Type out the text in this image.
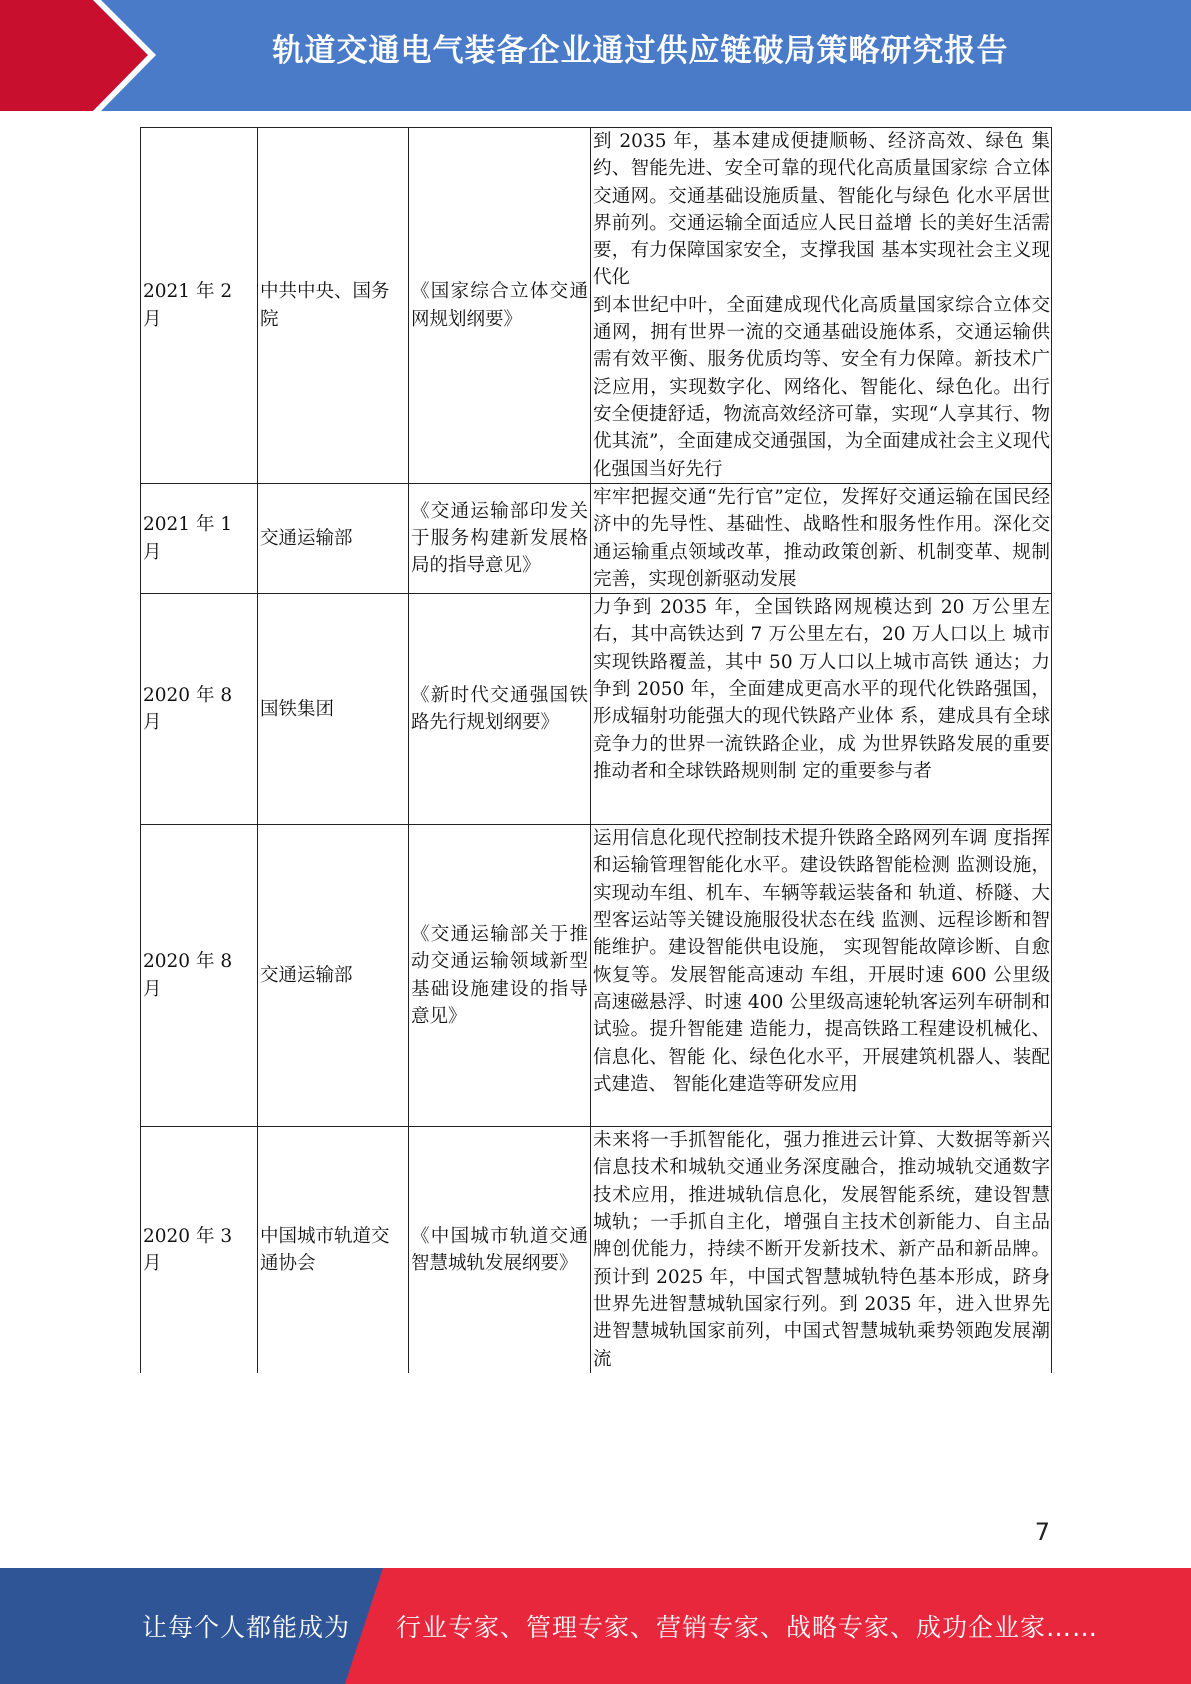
轨道交通电气装备企业通过供应链破局策略研究报告
2021 年 2 月	中共中央、国务院	《国家综合立体交通网规划纲要》	到 2035 年，基本建成便捷顺畅、经济高效、绿色 集约、智能先进、安全可靠的现代化高质量国家综 合立体交通网。交通基础设施质量、智能化与绿色 化水平居世界前列。交通运输全面适应人民日益增 长的美好生活需要，有力保障国家安全，支撑我国 基本实现社会主义现代化
到本世纪中叶，全面建成现代化高质量国家综合立体交通网，拥有世界一流的交通基础设施体系，交通运输供需有效平衡、服务优质均等、安全有力保障。新技术广泛应用，实现数字化、网络化、智能化、绿色化。出行安全便捷舒适，物流高效经济可靠，实现“人享其行、物优其流”，全面建成交通强国，为全面建成社会主义现代化强国当好先行

2021 年 1 月	交通运输部	《交通运输部印发关于服务构建新发展格局的指导意见》	牢牢把握交通“先行官”定位，发挥好交通运输在国民经济中的先导性、基础性、战略性和服务性作用。深化交通运输重点领域改革，推动政策创新、机制变革、规制完善，实现创新驱动发展

2020 年 8 月	国铁集团	《新时代交通强国铁路先行规划纲要》	力争到 2035 年，全国铁路网规模达到 20 万公里左右，其中高铁达到 7 万公里左右，20 万人口以上 城市实现铁路覆盖，其中 50 万人口以上城市高铁 通达；力争到 2050 年，全面建成更高水平的现代化铁路强国，形成辐射功能强大的现代铁路产业体 系，建成具有全球竞争力的世界一流铁路企业，成 为世界铁路发展的重要推动者和全球铁路规则制 定的重要参与者

2020 年 8 月	交通运输部	《交通运输部关于推动交通运输领域新型基础设施建设的指导意见》	运用信息化现代控制技术提升铁路全路网列车调 度指挥和运输管理智能化水平。建设铁路智能检测 监测设施，实现动车组、机车、车辆等载运装备和 轨道、桥隧、大型客运站等关键设施服役状态在线 监测、远程诊断和智能维护。建设智能供电设施， 实现智能故障诊断、自愈恢复等。发展智能高速动 车组，开展时速 600 公里级高速磁悬浮、时速 400 公里级高速轮轨客运列车研制和试验。提升智能建 造能力，提高铁路工程建设机械化、信息化、智能 化、绿色化水平，开展建筑机器人、装配式建造、 智能化建造等研发应用

2020 年 3 月	中国城市轨道交通协会	《中国城市轨道交通智慧城轨发展纲要》	未来将一手抓智能化，强力推进云计算、大数据等新兴信息技术和城轨交通业务深度融合，推动城轨交通数字技术应用，推进城轨信息化，发展智能系统，建设智慧城轨；一手抓自主化，增强自主技术创新能力、自主品牌创优能力，持续不断开发新技术、新产品和新品牌。预计到 2025 年，中国式智慧城轨特色基本形成，跻身世界先进智慧城轨国家行列。到 2035 年，进入世界先进智慧城轨国家前列，中国式智慧城轨乘势领跑发展潮流
7
让每个人都能成为 行业专家、管理专家、营销专家、战略专家、成功企业家……
